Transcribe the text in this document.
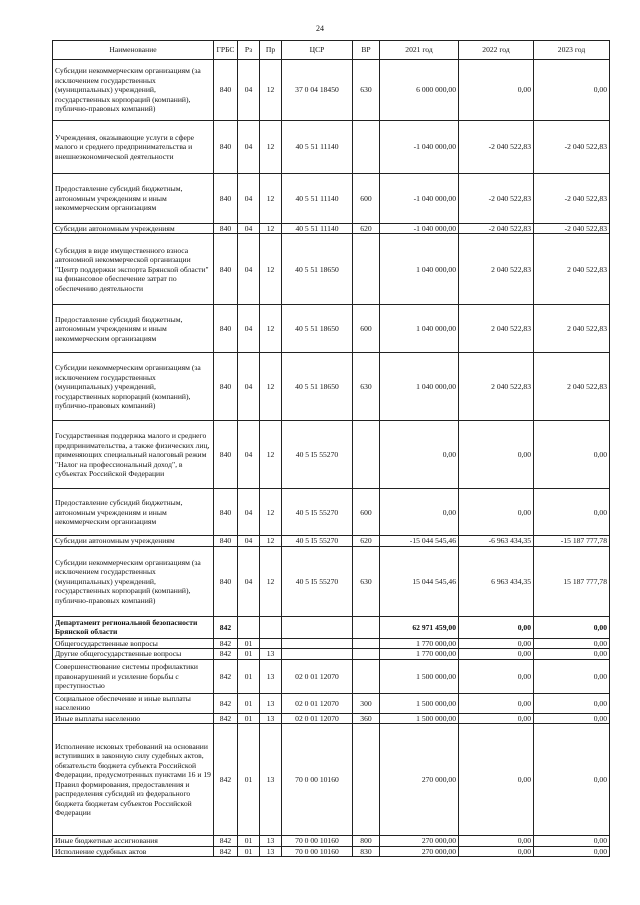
24
Наименование	ГРБС	Рз	Пр	ЦСР	ВР	2021 год	2022 год	2023 год
Субсидии некоммерческим организациям (за исключением государственных (муниципальных) учреждений, государственных корпораций (компаний), публично-правовых компаний)	840	04	12	37 0 04 18450	630	6 000 000,00	0,00	0,00
Учреждения, оказывающие услуги в сфере малого и среднего предпринимательства и внешнеэкономической деятельности	840	04	12	40 5 51 11140		-1 040 000,00	-2 040 522,83	-2 040 522,83
Предоставление субсидий бюджетным, автономным учреждениям и иным некоммерческим организациям	840	04	12	40 5 51 11140	600	-1 040 000,00	-2 040 522,83	-2 040 522,83
Субсидии автономным учреждениям	840	04	12	40 5 51 11140	620	-1 040 000,00	-2 040 522,83	-2 040 522,83
Субсидия в виде имущественного взноса автономной некоммерческой организации "Центр поддержки экспорта Брянской области" на финансовое обеспечение затрат по обеспечению деятельности	840	04	12	40 5 51 18650		1 040 000,00	2 040 522,83	2 040 522,83
Предоставление субсидий бюджетным, автономным учреждениям и иным некоммерческим организациям	840	04	12	40 5 51 18650	600	1 040 000,00	2 040 522,83	2 040 522,83
Субсидии некоммерческим организациям (за исключением государственных (муниципальных) учреждений, государственных корпораций (компаний), публично-правовых компаний)	840	04	12	40 5 51 18650	630	1 040 000,00	2 040 522,83	2 040 522,83
Государственная поддержка малого и среднего предпринимательства, а также физических лиц, применяющих специальный налоговый режим "Налог на профессиональный доход", в субъектах Российской Федерации	840	04	12	40 5 I5 55270		0,00	0,00	0,00
Предоставление субсидий бюджетным, автономным учреждениям и иным некоммерческим организациям	840	04	12	40 5 I5 55270	600	0,00	0,00	0,00
Субсидии автономным учреждениям	840	04	12	40 5 I5 55270	620	-15 044 545,46	-6 963 434,35	-15 187 777,78
Субсидии некоммерческим организациям (за исключением государственных (муниципальных) учреждений, государственных корпораций (компаний), публично-правовых компаний)	840	04	12	40 5 I5 55270	630	15 044 545,46	6 963 434,35	15 187 777,78
Департамент региональной безопасности Брянской области	842					62 971 459,00	0,00	0,00
Общегосударственные вопросы	842	01				1 770 000,00	0,00	0,00
Другие общегосударственные вопросы	842	01	13			1 770 000,00	0,00	0,00
Совершенствование системы профилактики правонарушений и усиление борьбы с преступностью	842	01	13	02 0 01 12070		1 500 000,00	0,00	0,00
Социальное обеспечение и иные выплаты населению	842	01	13	02 0 01 12070	300	1 500 000,00	0,00	0,00
Иные выплаты населению	842	01	13	02 0 01 12070	360	1 500 000,00	0,00	0,00
Исполнение исковых требований на основании вступивших в законную силу судебных актов, обязательств бюджета субъекта Российской Федерации, предусмотренных пунктами 16 и 19 Правил формирования, предоставления и распределения субсидий из федерального бюджета бюджетам субъектов Российской Федерации	842	01	13	70 0 00 10160		270 000,00	0,00	0,00
Иные бюджетные ассигнования	842	01	13	70 0 00 10160	800	270 000,00	0,00	0,00
Исполнение судебных актов	842	01	13	70 0 00 10160	830	270 000,00	0,00	0,00
